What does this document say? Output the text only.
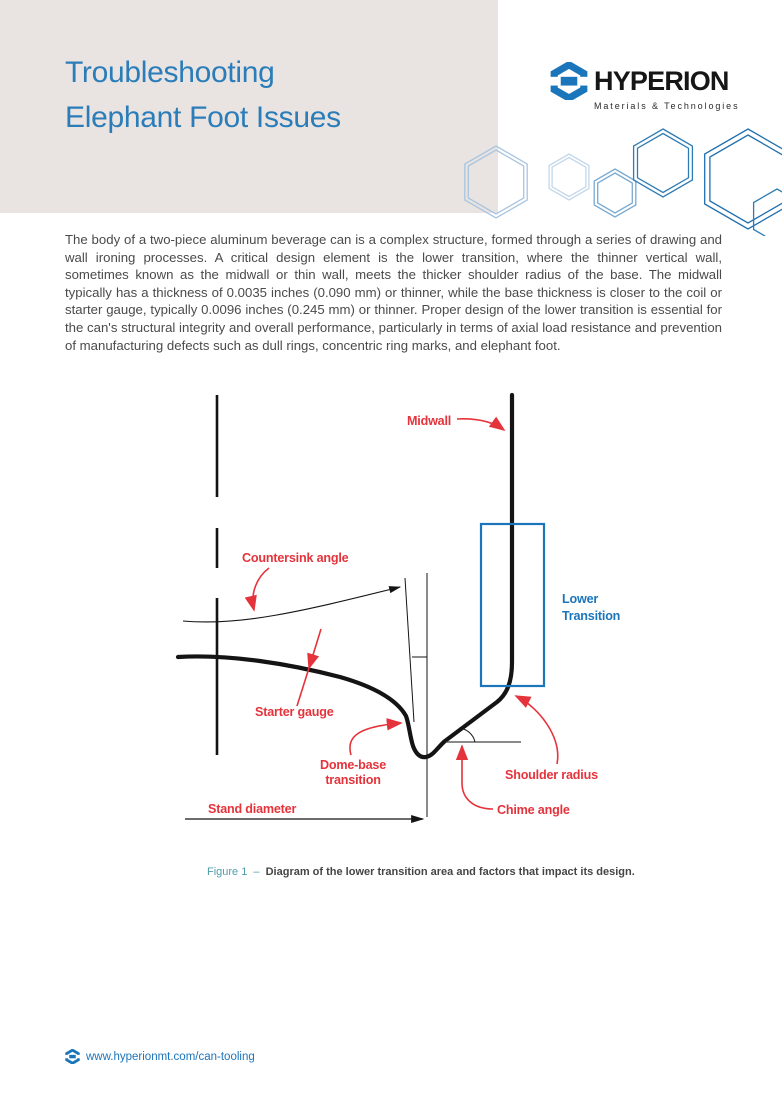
Troubleshooting
Elephant Foot Issues
HYPERION
Materials & Technologies

The body of a two-piece aluminum beverage can is a complex structure, formed through a series of drawing and wall ironing processes. A critical design element is the lower transition, where the thinner vertical wall, sometimes known as the midwall or thin wall, meets the thicker shoulder radius of the base. The midwall typically has a thickness of 0.0035 inches (0.090 mm) or thinner, while the base thickness is closer to the coil or starter gauge, typically 0.0096 inches (0.245 mm) or thinner. Proper design of the lower transition is essential for the can's structural integrity and overall performance, particularly in terms of axial load resistance and prevention of manufacturing defects such as dull rings, concentric ring marks, and elephant foot.

Midwall
Countersink angle
Starter gauge
Dome-base
transition
Stand diameter	Chime angle
Shoulder radius
Lower
Transition
Figure 1 – Diagram of the lower transition area and factors that impact its design.
www.hyperionmt.com/can-tooling
